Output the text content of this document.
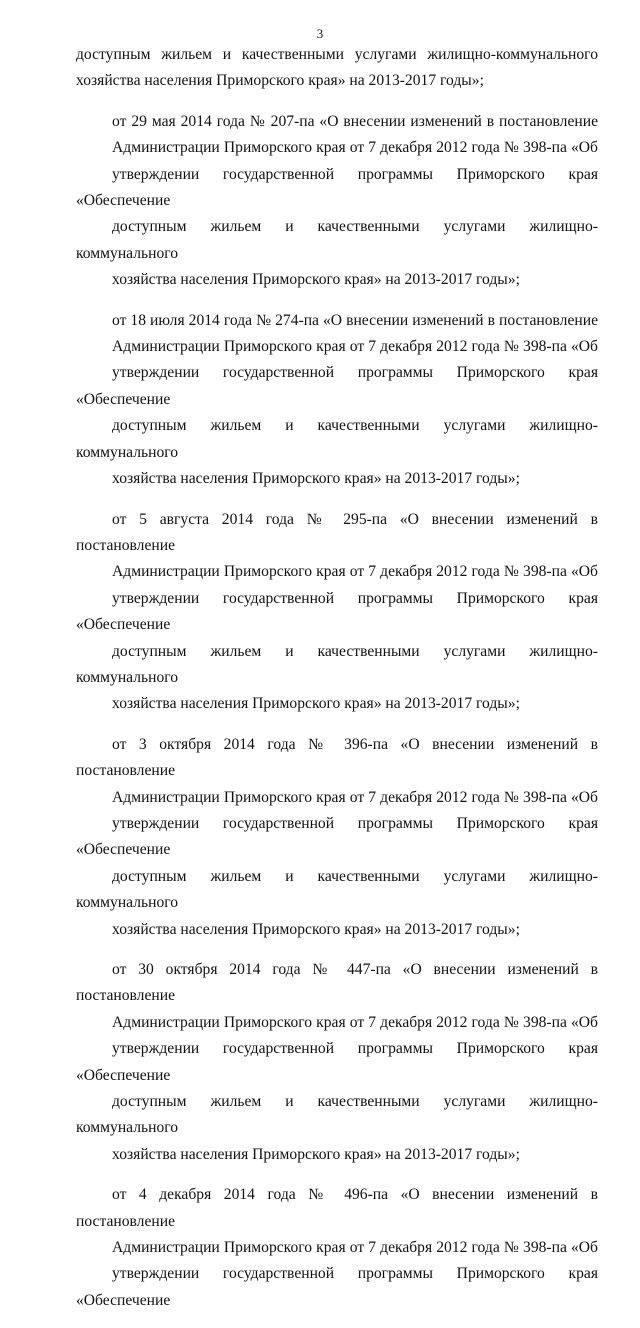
3

доступным жильем и качественными услугами жилищно-коммунального
хозяйства населения Приморского края» на 2013-2017 годы»;

от 29 мая 2014 года № 207-па «О внесении изменений в постановление
Администрации Приморского края от 7 декабря 2012 года № 398-па «Об
утверждении государственной программы Приморского края «Обеспечение
доступным жильем и качественными услугами жилищно-коммунального
хозяйства населения Приморского края» на 2013-2017 годы»;

от 18 июля 2014 года № 274-па «О внесении изменений в постановление
Администрации Приморского края от 7 декабря 2012 года № 398-па «Об
утверждении государственной программы Приморского края «Обеспечение
доступным жильем и качественными услугами жилищно-коммунального
хозяйства населения Приморского края» на 2013-2017 годы»;

от 5 августа 2014 года № 295-па «О внесении изменений в постановление
Администрации Приморского края от 7 декабря 2012 года № 398-па «Об
утверждении государственной программы Приморского края «Обеспечение
доступным жильем и качественными услугами жилищно-коммунального
хозяйства населения Приморского края» на 2013-2017 годы»;

от 3 октября 2014 года № 396-па «О внесении изменений в постановление
Администрации Приморского края от 7 декабря 2012 года № 398-па «Об
утверждении государственной программы Приморского края «Обеспечение
доступным жильем и качественными услугами жилищно-коммунального
хозяйства населения Приморского края» на 2013-2017 годы»;

от 30 октября 2014 года № 447-па «О внесении изменений в постановление
Администрации Приморского края от 7 декабря 2012 года № 398-па «Об
утверждении государственной программы Приморского края «Обеспечение
доступным жильем и качественными услугами жилищно-коммунального
хозяйства населения Приморского края» на 2013-2017 годы»;

от 4 декабря 2014 года № 496-па «О внесении изменений в постановление
Администрации Приморского края от 7 декабря 2012 года № 398-па «Об
утверждении государственной программы Приморского края «Обеспечение
